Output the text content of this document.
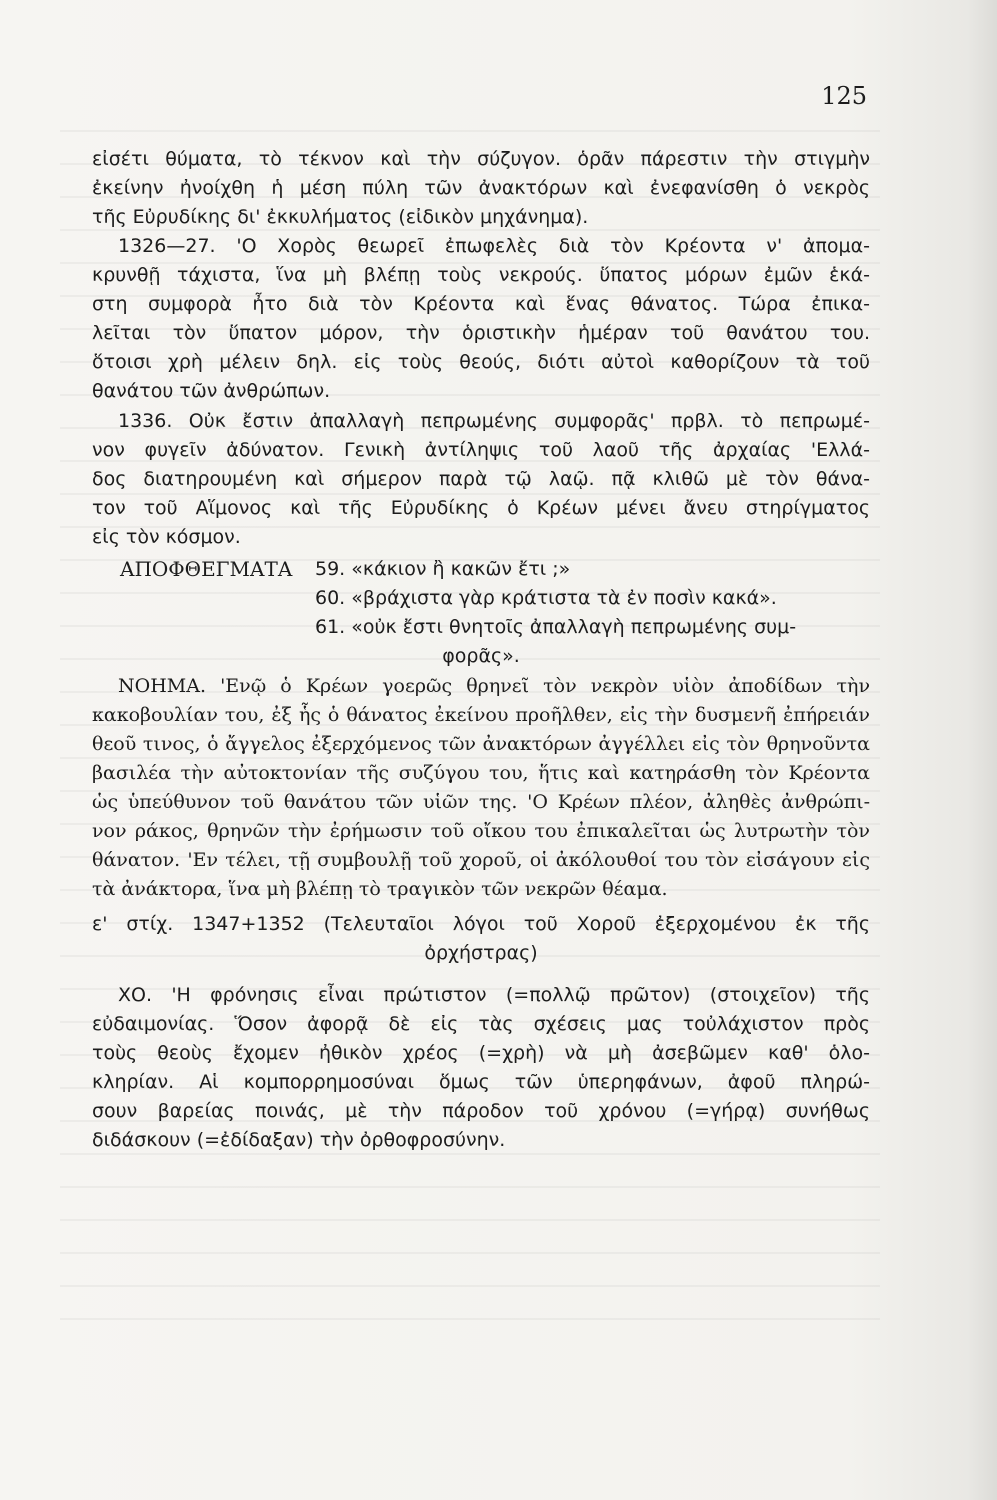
125
εἰσέτι θύματα, τὸ τέκνον καὶ τὴν σύζυγον. ὁρᾶν πάρεστιν τὴν στιγμὴν
ἐκείνην ἠνοίχθη ἡ μέση πύλη τῶν ἀνακτόρων καὶ ἐνεφανίσθη ὁ νεκρὸς
τῆς Εὐρυδίκης δι' ἐκκυλήματος (εἰδικὸν μηχάνημα).
1326—27. 'Ο Χορὸς θεωρεῖ ἐπωφελὲς διὰ τὸν Κρέοντα ν' ἀπομα-
κρυνθῇ τάχιστα, ἵνα μὴ βλέπῃ τοὺς νεκρούς. ὕπατος μόρων ἐμῶν ἑκά-
στη συμφορὰ ἦτο διὰ τὸν Κρέοντα καὶ ἕνας θάνατος. Τώρα ἐπικα-
λεῖται τὸν ὕπατον μόρον, τὴν ὁριστικὴν ἡμέραν τοῦ θανάτου του.
ὅτοισι χρὴ μέλειν δηλ. εἰς τοὺς θεούς, διότι αὐτοὶ καθορίζουν τὰ τοῦ
θανάτου τῶν ἀνθρώπων.
1336. Οὐκ ἔστιν ἀπαλλαγὴ πεπρωμένης συμφορᾶς' πρβλ. τὸ πεπρωμέ-
νον φυγεῖν ἀδύνατον. Γενικὴ ἀντίληψις τοῦ λαοῦ τῆς ἀρχαίας 'Ελλά-
δος διατηρουμένη καὶ σήμερον παρὰ τῷ λαῷ. πᾷ κλιθῶ μὲ τὸν θάνα-
τον τοῦ Αἵμονος καὶ τῆς Εὐρυδίκης ὁ Κρέων μένει ἄνευ στηρίγματος
εἰς τὸν κόσμον.
ΑΠΟΦΘΕΓΜΑΤΑ 59. «κάκιον ἢ κακῶν ἔτι ;»
60. «βράχιστα γὰρ κράτιστα τὰ ἐν ποσὶν κακά».
61. «οὐκ ἔστι θνητοῖς ἀπαλλαγὴ πεπρωμένης συμ-
φορᾶς».
ΝΟΗΜΑ. 'Ενῷ ὁ Κρέων γοερῶς θρηνεῖ τὸν νεκρὸν υἱὸν ἀποδίδων τὴν
κακοβουλίαν του, ἐξ ἧς ὁ θάνατος ἐκείνου προῆλθεν, εἰς τὴν δυσμενῆ ἐπήρειάν
θεοῦ τινος, ὁ ἄγγελος ἐξερχόμενος τῶν ἀνακτόρων ἀγγέλλει εἰς τὸν θρηνοῦντα
βασιλέα τὴν αὐτοκτονίαν τῆς συζύγου του, ἥτις καὶ κατηράσθη τὸν Κρέοντα
ὡς ὑπεύθυνον τοῦ θανάτου τῶν υἱῶν της. 'Ο Κρέων πλέον, ἀληθὲς ἀνθρώπι-
νον ράκος, θρηνῶν τὴν ἐρήμωσιν τοῦ οἴκου του ἐπικαλεῖται ὡς λυτρωτὴν τὸν
θάνατον. 'Εν τέλει, τῇ συμβουλῇ τοῦ χοροῦ, οἱ ἀκόλουθοί του τὸν εἰσάγουν εἰς
τὰ ἀνάκτορα, ἵνα μὴ βλέπῃ τὸ τραγικὸν τῶν νεκρῶν θέαμα.
ε' στίχ. 1347+1352 (Τελευταῖοι λόγοι τοῦ Χοροῦ ἐξερχομένου ἐκ τῆς
ὀρχήστρας)
ΧΟ. 'Η φρόνησις εἶναι πρώτιστον (=πολλῷ πρῶτον) (στοιχεῖον) τῆς
εὐδαιμονίας. Ὅσον ἀφορᾷ δὲ εἰς τὰς σχέσεις μας τοὐλάχιστον πρὸς
τοὺς θεοὺς ἔχομεν ἠθικὸν χρέος (=χρὴ) νὰ μὴ ἀσεβῶμεν καθ' ὁλο-
κληρίαν. Αἱ κομπορρημοσύναι ὅμως τῶν ὑπερηφάνων, ἀφοῦ πληρώ-
σουν βαρείας ποινάς, μὲ τὴν πάροδον τοῦ χρόνου (=γήρᾳ) συνήθως
διδάσκουν (=ἐδίδαξαν) τὴν ὀρθοφροσύνην.
